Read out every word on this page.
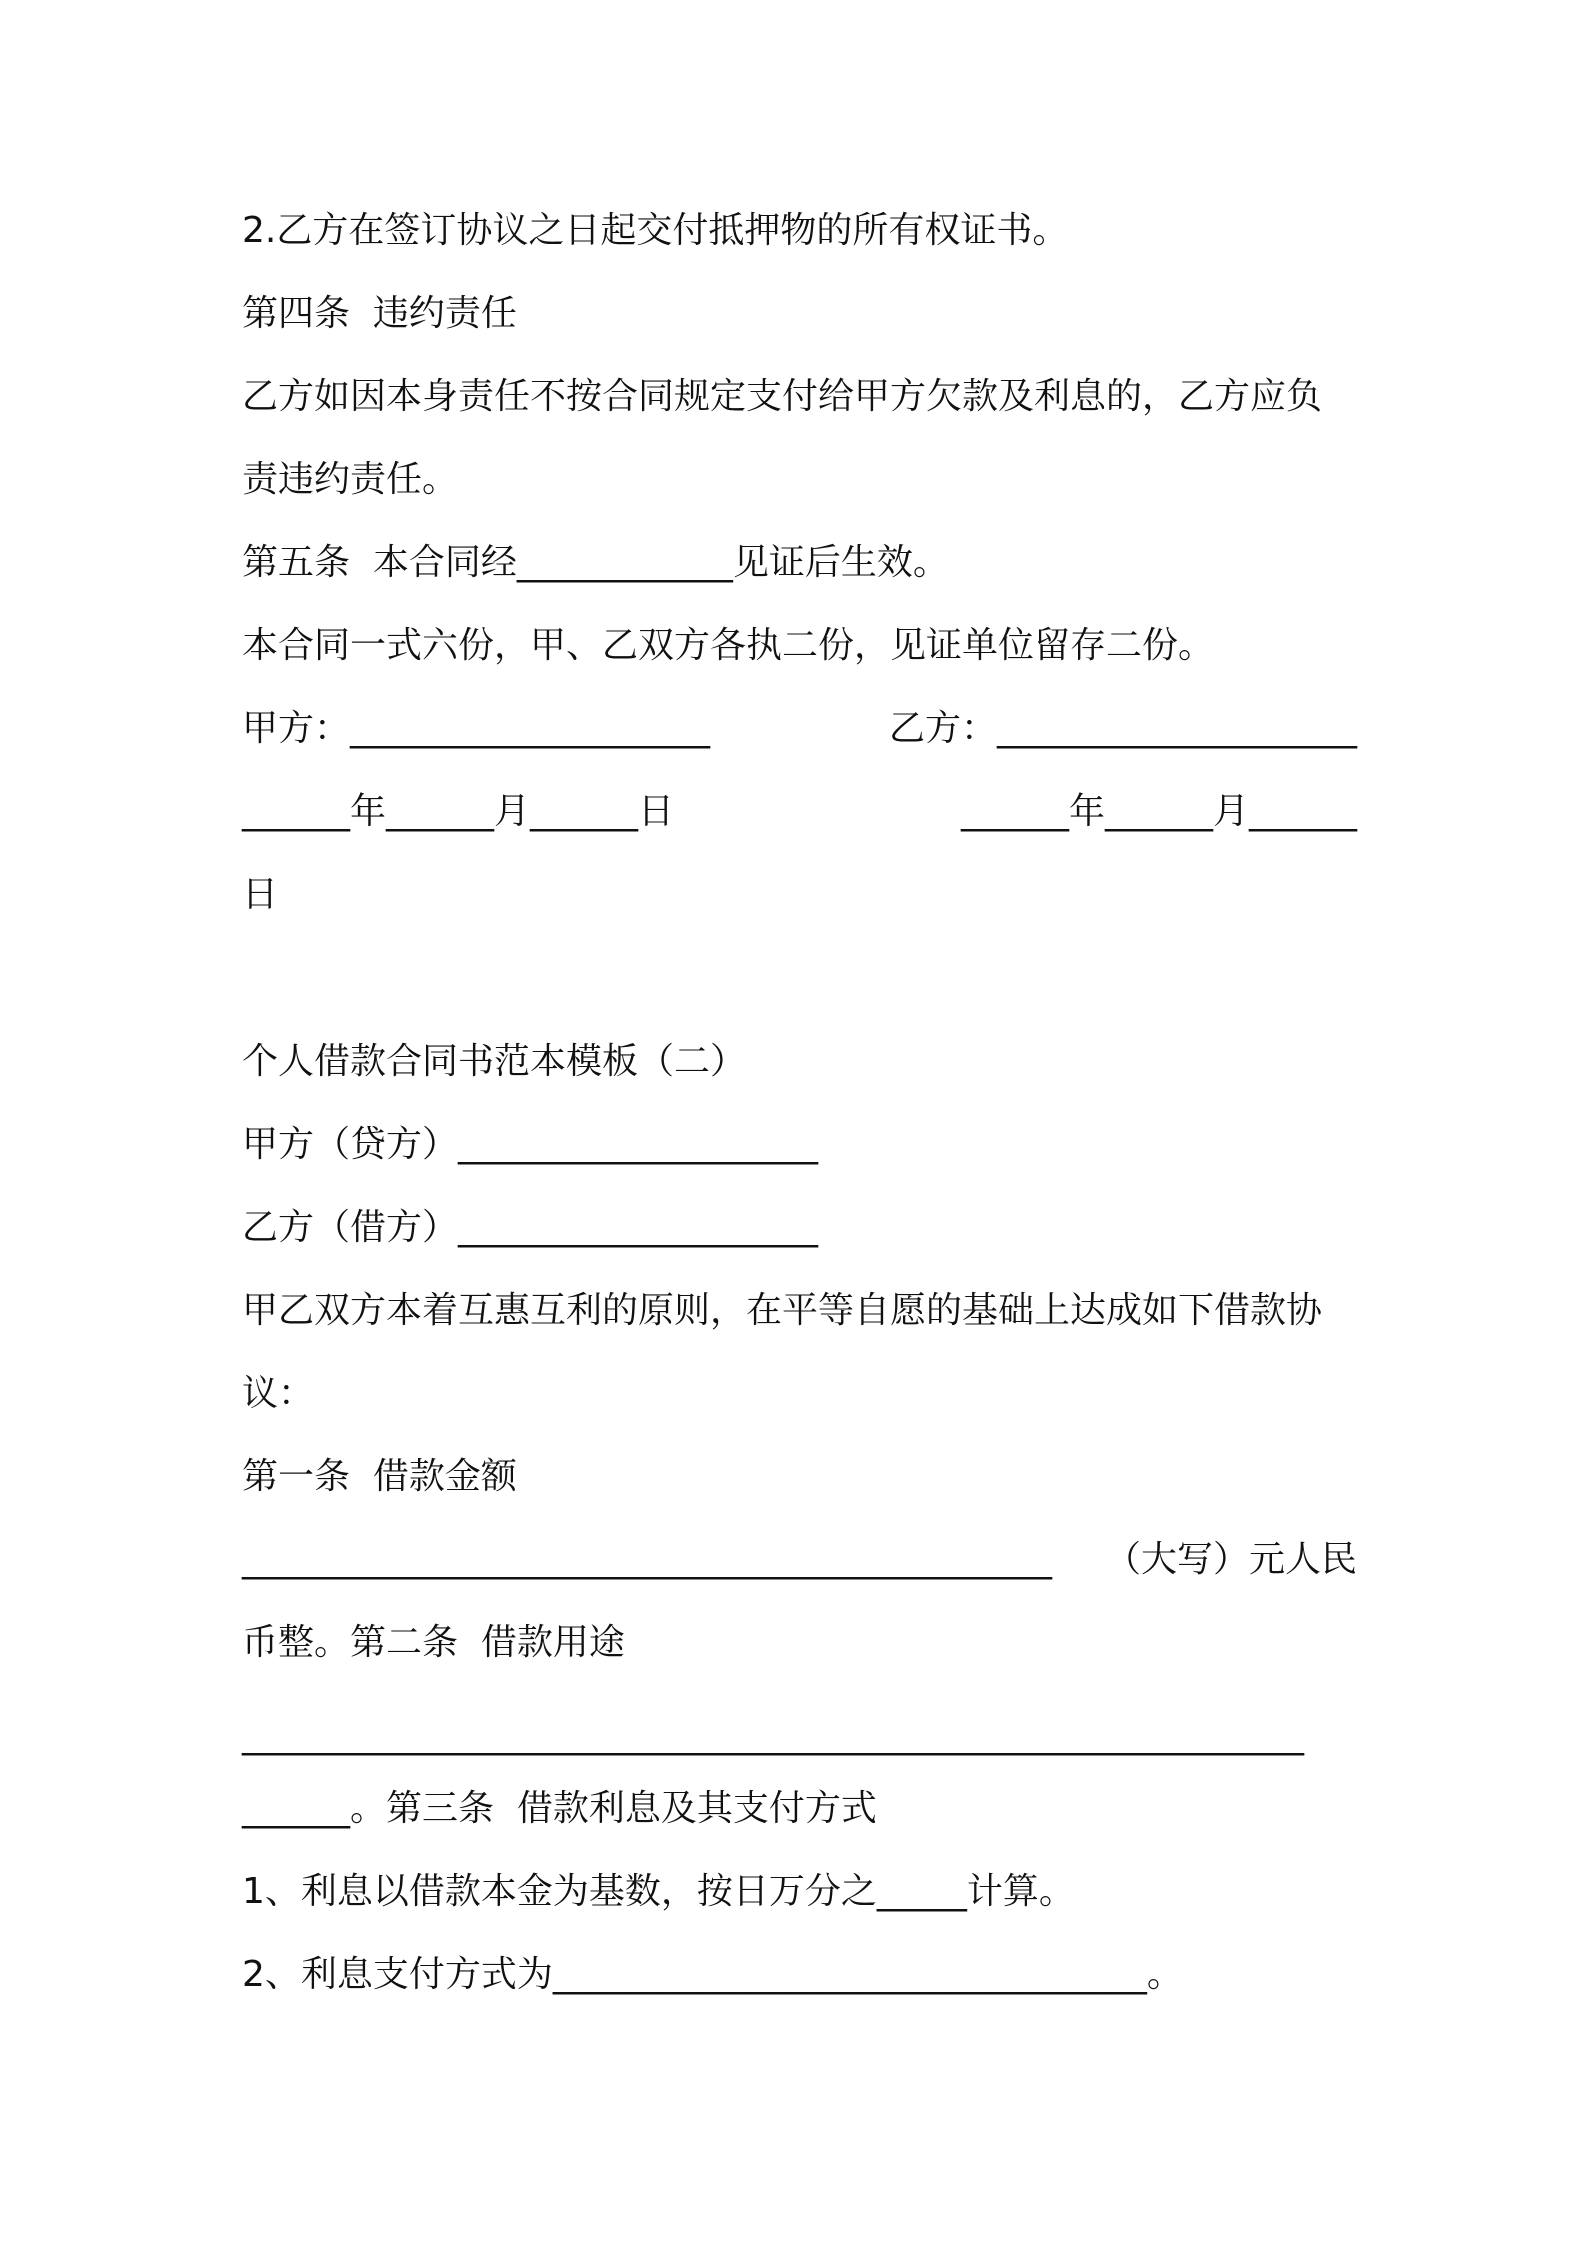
2.乙方在签订协议之日起交付抵押物的所有权证书。
第四条  违约责任
乙方如因本身责任不按合同规定支付给甲方欠款及利息的，乙方应负
责违约责任。
第五条  本合同经____________见证后生效。
本合同一式六份，甲、乙双方各执二份，见证单位留存二份。
甲方：____________________	乙方：____________________
______年______月______日	______年______月______
日
个人借款合同书范本模板（二）
甲方（贷方）____________________
乙方（借方）____________________
甲乙双方本着互惠互利的原则，在平等自愿的基础上达成如下借款协
议：
第一条  借款金额
_____________________________________________ （大写）元人民
币整。第二条  借款用途
___________________________________________________________
______。第三条  借款利息及其支付方式
1、利息以借款本金为基数，按日万分之_____计算。
2、利息支付方式为_________________________________。
